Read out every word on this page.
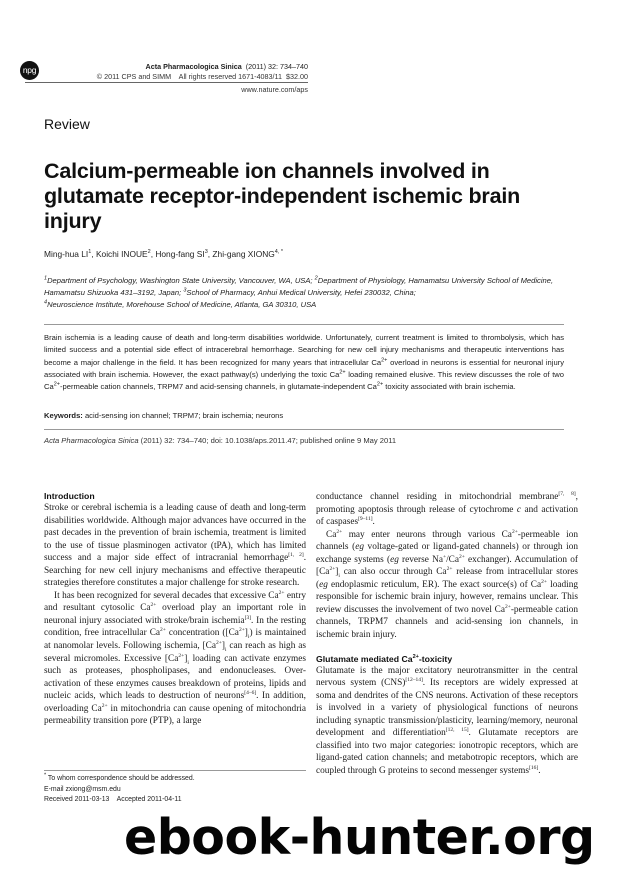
npg	Acta Pharmacologica Sinica (2011) 32: 734–740
© 2011 CPS and SIMM    All rights reserved 1671-4083/11  $32.00
www.nature.com/aps
Review
Calcium-permeable ion channels involved in glutamate receptor-independent ischemic brain injury
Ming-hua $LI^1$, Koichi INOUE$^2$, Hong-fang $SI^3$, Zhi-gang $XIONG^{4, *}$
$^1$Department of Psychology, Washington State University, Vancouver, WA, USA; $^2$Department of Physiology, Hamamatsu University School of Medicine, Hamamatsu Shizuoka 431–3192, Japan; $^3$School of Pharmacy, Anhui Medical University, Hefei 230032, China;
$^4$Neuroscience Institute, Morehouse School of Medicine, Atlanta, GA 30310, USA
Brain ischemia is a leading cause of death and long-term disabilities worldwide. Unfortunately, current treatment is limited to thrombolysis, which has limited success and a potential side effect of intracerebral hemorrhage. Searching for new cell injury mechanisms and therapeutic interventions has become a major challenge in the field. It has been recognized for many years that intracellular $Ca^{2+}$ overload in neurons is essential for neuronal injury associated with brain ischemia. However, the exact pathway(s) underlying the toxic $Ca^{2+}$ loading remained elusive. This review discusses the role of two $Ca^{2+}$-permeable cation channels, TRPM7 and acid-sensing channels, in glutamate-independent $Ca^{2+}$ toxicity associated with brain ischemia.
Keywords: acid-sensing ion channel; TRPM7; brain ischemia; neurons
Acta Pharmacologica Sinica (2011) 32: 734–740; doi: 10.1038/aps.2011.47; published online 9 May 2011
Introduction

Stroke or cerebral ischemia is a leading cause of death and long-term disabilities worldwide. Although major advances have occurred in the past decades in the prevention of brain ischemia, treatment is limited to the use of tissue plasminogen activator (tPA), which has limited success and a major side effect of intracranial hemorrhage[1, 2]. Searching for new cell injury mechanisms and effective therapeutic strategies therefore constitutes a major challenge for stroke research.

It has been recognized for several decades that excessive $Ca^{2+}$ entry and resultant cytosolic $Ca^{2+}$ overload play an important role in neuronal injury associated with stroke/brain ischemia[3]. In the resting condition, free intracellular $Ca^{2+}$ concentration $([Ca^{2+}]_i)$ is maintained at nanomolar levels. Following ischemia, $[Ca^{2+}]_i$ can reach as high as several micromoles. Excessive $[Ca^{2+}]_i$ loading can activate enzymes such as proteases, phospholipases, and endonucleases. Over-activation of these enzymes causes breakdown of proteins, lipids and nucleic acids, which leads to destruction of neurons[4–6]. In addition, overloading $Ca^{2+}$ in mitochondria can cause opening of mitochondria permeability transition pore (PTP), a large

conductance channel residing in mitochondrial membrane[7, 8], promoting apoptosis through release of cytochrome c and activation of caspases[9–11].

$Ca^{2+}$ may enter neurons through various $Ca^{2+}$-permeable ion channels (eg voltage-gated or ligand-gated channels) or through ion exchange systems (eg reverse $Na^+/Ca^{2+}$ exchanger). Accumulation of $[Ca^{2+}]_i$ can also occur through $Ca^{2+}$ release from intracellular stores (eg endoplasmic reticulum, ER). The exact source(s) of $Ca^{2+}$ loading responsible for ischemic brain injury, however, remains unclear. This review discusses the involvement of two novel $Ca^{2+}$-permeable cation channels, TRPM7 channels and acid-sensing ion channels, in ischemic brain injury.

Glutamate mediated $Ca^{2+}$-toxicity

Glutamate is the major excitatory neurotransmitter in the central nervous system (CNS)[12–14]. Its receptors are widely expressed at soma and dendrites of the CNS neurons. Activation of these receptors is involved in a variety of physiological functions of neurons including synaptic transmission/plasticity, learning/memory, neuronal development and differentiation[12, 15]. Glutamate receptors are classified into two major categories: ionotropic receptors, which are ligand-gated cation channels; and metabotropic receptors, which are coupled through G proteins to second messenger systems[16].

* To whom correspondence should be addressed.
E-mail zxiong@msm.edu
Received 2011-03-13    Accepted 2011-04-11
ebook-hunter.org
